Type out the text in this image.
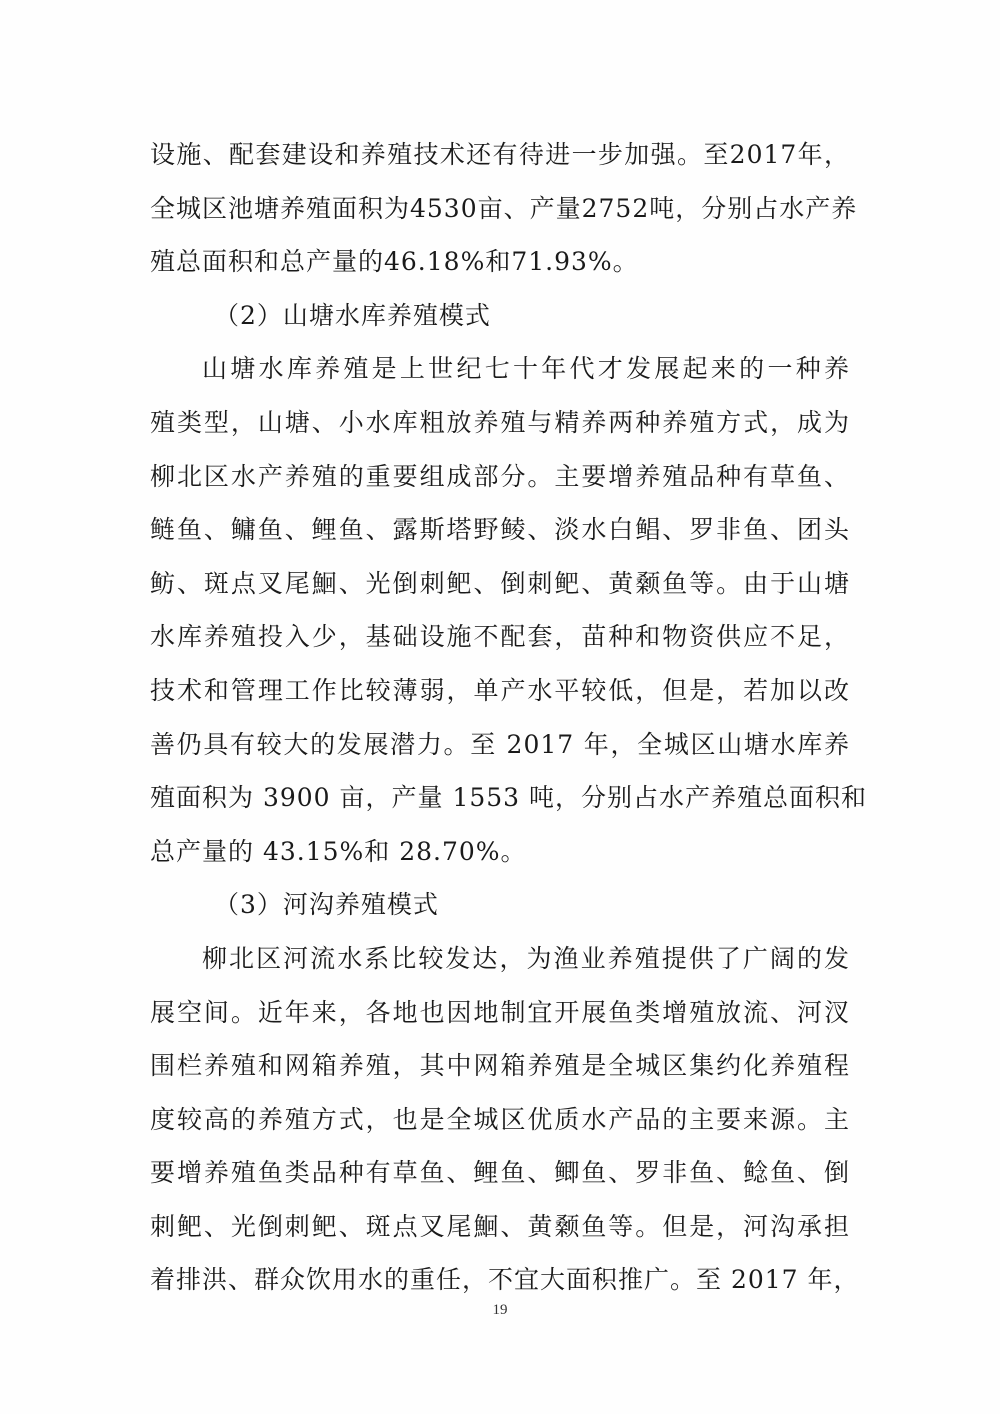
设施、配套建设和养殖技术还有待进一步加强。至2017年，
全城区池塘养殖面积为4530亩、产量2752吨，分别占水产养
殖总面积和总产量的46.18%和71.93%。
（2）山塘水库养殖模式
山塘水库养殖是上世纪七十年代才发展起来的一种养
殖类型，山塘、小水库粗放养殖与精养两种养殖方式，成为
柳北区水产养殖的重要组成部分。主要增养殖品种有草鱼、
鲢鱼、鳙鱼、鲤鱼、露斯塔野鲮、淡水白鲳、罗非鱼、团头
鲂、斑点叉尾鮰、光倒刺鲃、倒刺鲃、黄颡鱼等。由于山塘
水库养殖投入少，基础设施不配套，苗种和物资供应不足，
技术和管理工作比较薄弱，单产水平较低，但是，若加以改
善仍具有较大的发展潜力。至 2017 年，全城区山塘水库养
殖面积为 3900 亩，产量 1553 吨，分别占水产养殖总面积和
总产量的 43.15%和 28.70%。
（3）河沟养殖模式
柳北区河流水系比较发达，为渔业养殖提供了广阔的发
展空间。近年来，各地也因地制宜开展鱼类增殖放流、河汊
围栏养殖和网箱养殖，其中网箱养殖是全城区集约化养殖程
度较高的养殖方式，也是全城区优质水产品的主要来源。主
要增养殖鱼类品种有草鱼、鲤鱼、鲫鱼、罗非鱼、鲶鱼、倒
刺鲃、光倒刺鲃、斑点叉尾鮰、黄颡鱼等。但是，河沟承担
着排洪、群众饮用水的重任，不宜大面积推广。至 2017 年，
19
